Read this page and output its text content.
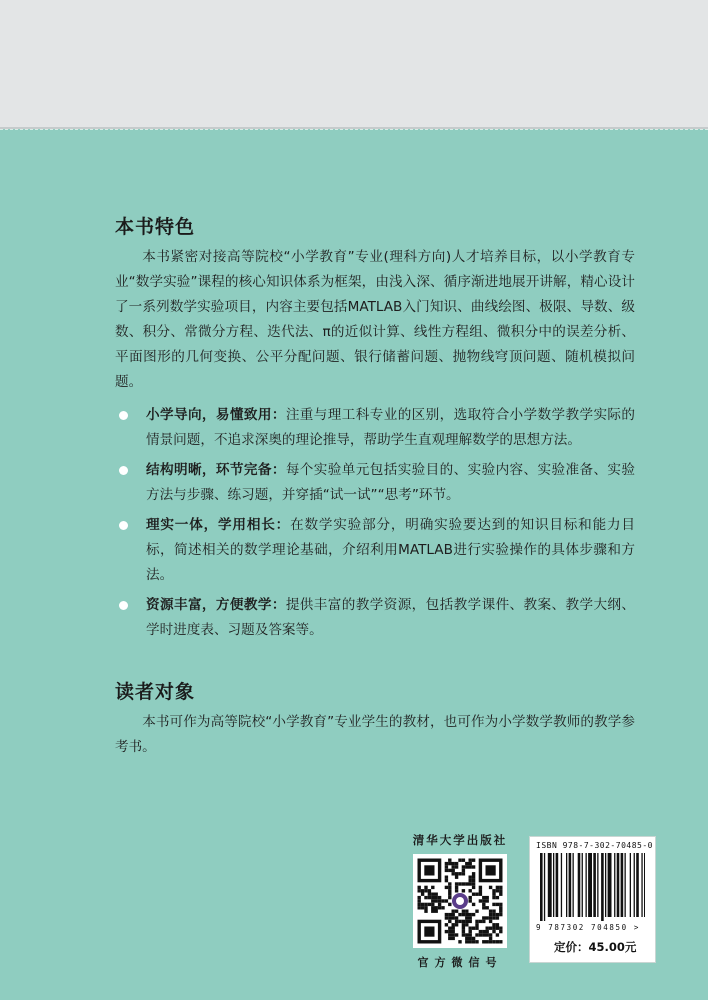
本书特色

本书紧密对接高等院校“小学教育”专业(理科方向)人才培养目标，以小学教育专业“数学实验”课程的核心知识体系为框架，由浅入深、循序渐进地展开讲解，精心设计了一系列数学实验项目，内容主要包括MATLAB入门知识、曲线绘图、极限、导数、级数、积分、常微分方程、迭代法、π的近似计算、线性方程组、微积分中的误差分析、平面图形的几何变换、公平分配问题、银行储蓄问题、抛物线穹顶问题、随机模拟问题。

小学导向，易懂致用：注重与理工科专业的区别，选取符合小学数学教学实际的情景问题，不追求深奥的理论推导，帮助学生直观理解数学的思想方法。
结构明晰，环节完备：每个实验单元包括实验目的、实验内容、实验准备、实验方法与步骤、练习题，并穿插“试一试”“思考”环节。
理实一体，学用相长：在数学实验部分，明确实验要达到的知识目标和能力目标，简述相关的数学理论基础，介绍利用MATLAB进行实验操作的具体步骤和方法。
资源丰富，方便教学：提供丰富的教学资源，包括教学课件、教案、教学大纲、学时进度表、习题及答案等。
读者对象

本书可作为高等院校“小学教育”专业学生的教材，也可作为小学数学教师的教学参考书。

清华大学出版社
官方微信号
ISBN 978-7-302-70485-0
9 787302 704850 >
定价：45.00元
